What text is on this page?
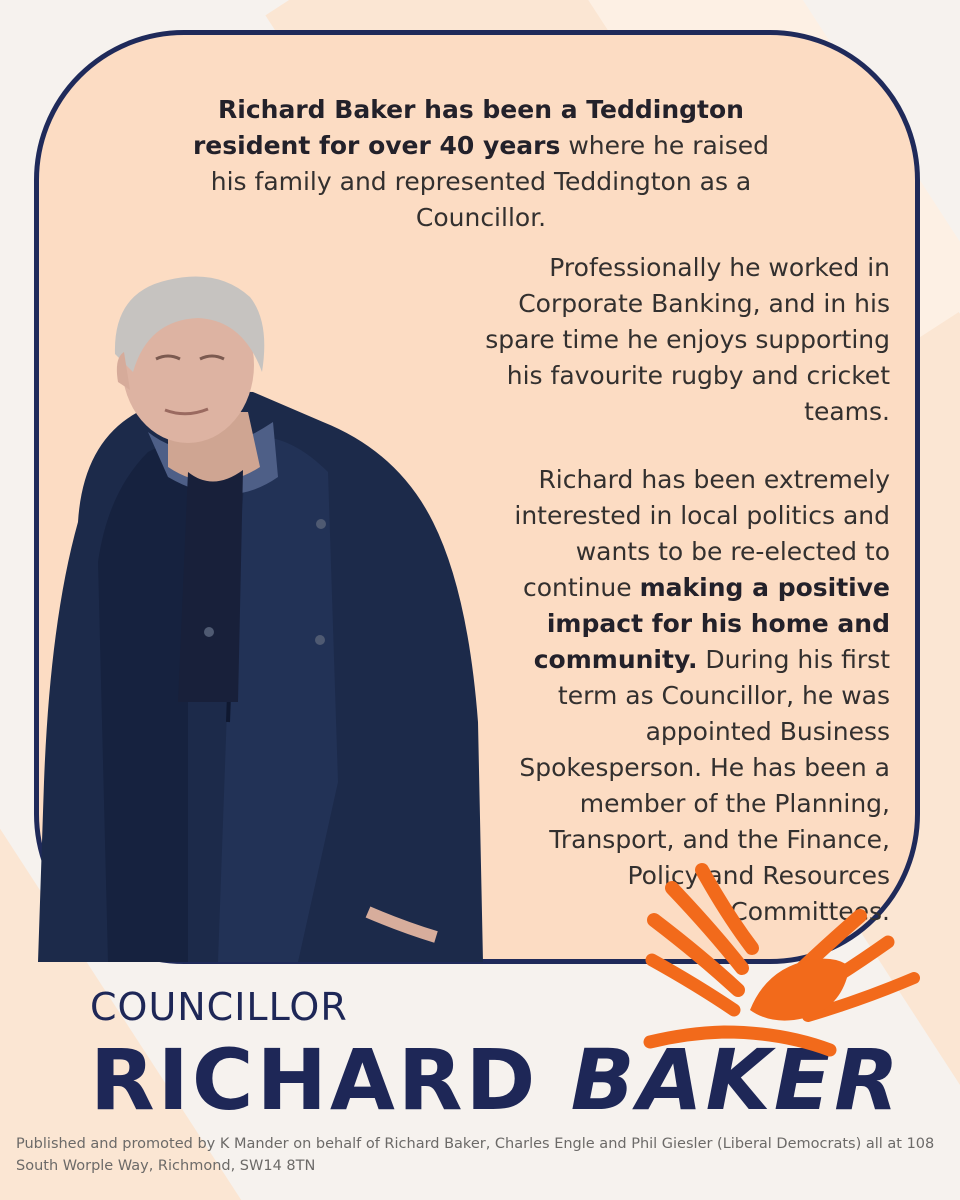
Richard Baker has been a Teddington resident for over 40 years where he raised his family and represented Teddington as a Councillor.
Professionally he worked in Corporate Banking, and in his spare time he enjoys supporting his favourite rugby and cricket teams.
Richard has been extremely interested in local politics and wants to be re-elected to continue making a positive impact for his home and community. During his first term as Councillor, he was appointed Business Spokesperson. He has been a member of the Planning, Transport, and the Finance, Policy and Resources Committees.
COUNCILLOR
RICHARD BAKER
Published and promoted by K Mander on behalf of Richard Baker, Charles Engle and Phil Giesler (Liberal Democrats) all at 108 South Worple Way, Richmond, SW14 8TN
